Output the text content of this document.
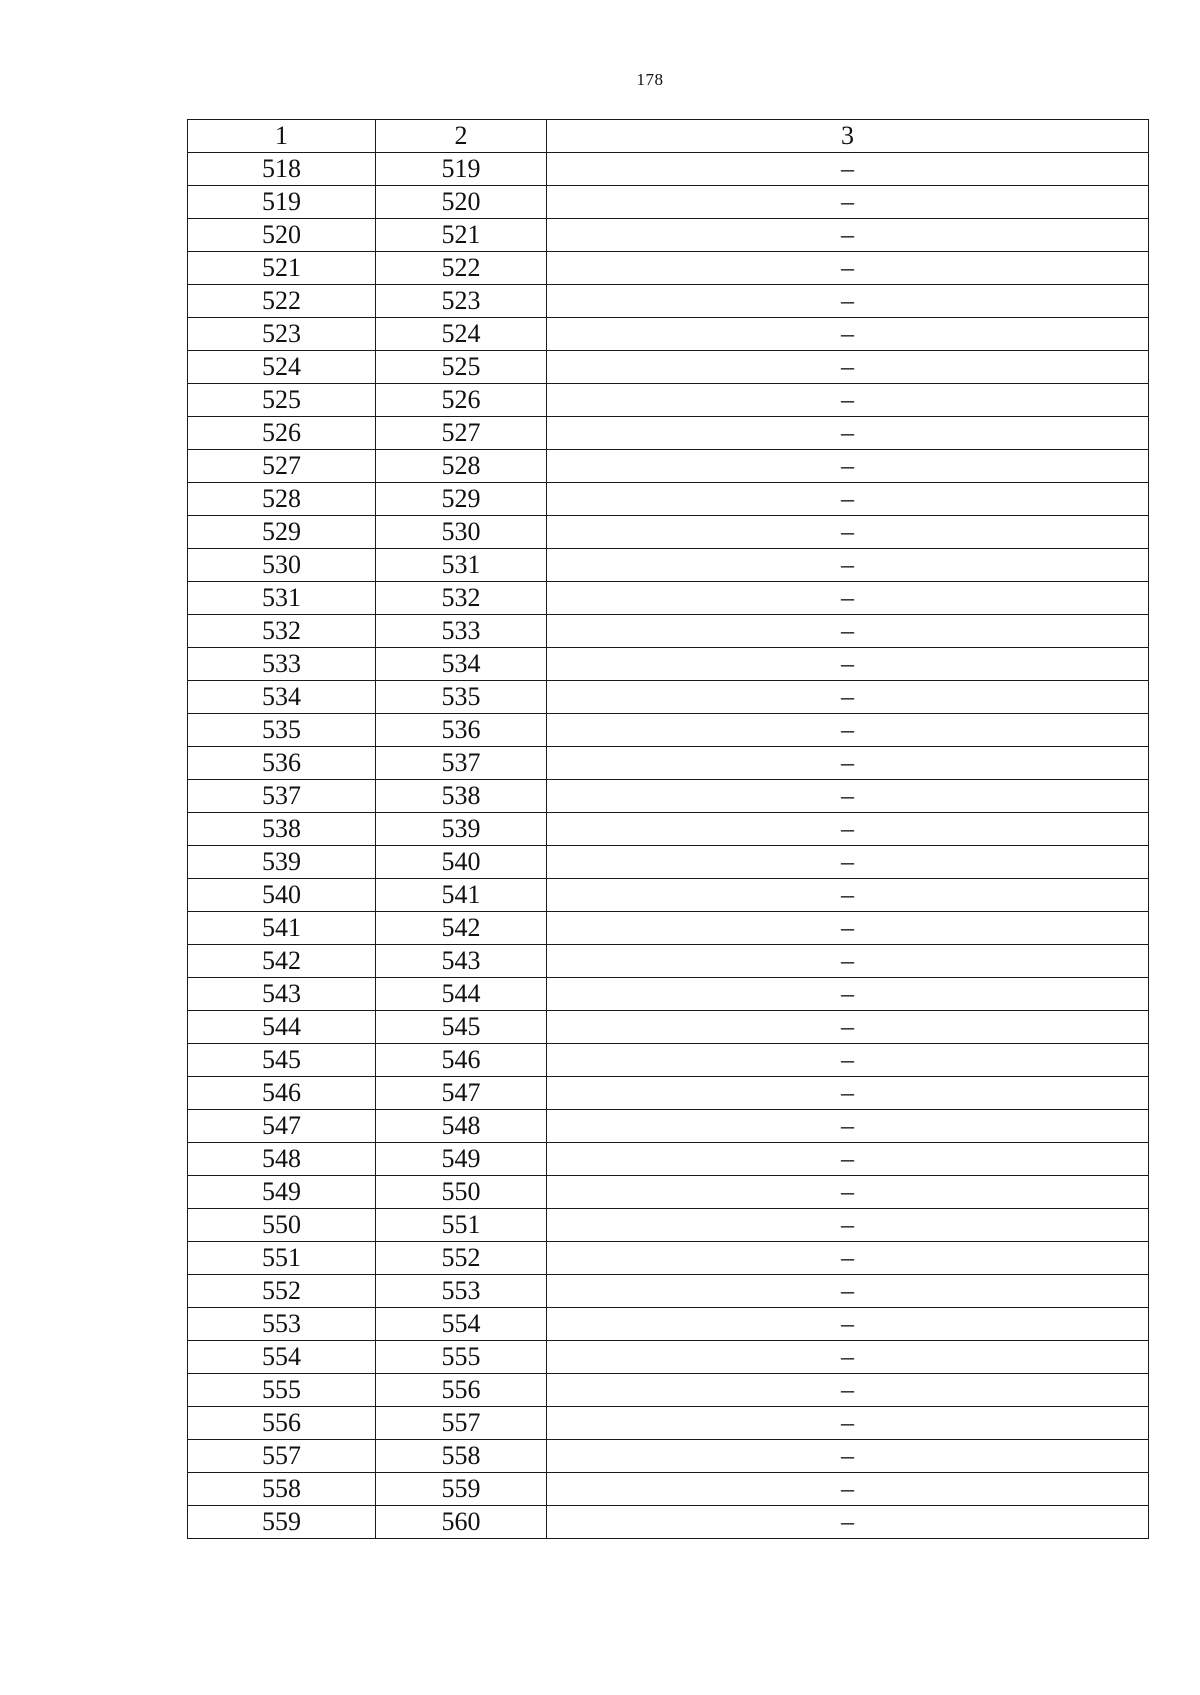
178
1	2	3
518	519	–
519	520	–
520	521	–
521	522	–
522	523	–
523	524	–
524	525	–
525	526	–
526	527	–
527	528	–
528	529	–
529	530	–
530	531	–
531	532	–
532	533	–
533	534	–
534	535	–
535	536	–
536	537	–
537	538	–
538	539	–
539	540	–
540	541	–
541	542	–
542	543	–
543	544	–
544	545	–
545	546	–
546	547	–
547	548	–
548	549	–
549	550	–
550	551	–
551	552	–
552	553	–
553	554	–
554	555	–
555	556	–
556	557	–
557	558	–
558	559	–
559	560	–
